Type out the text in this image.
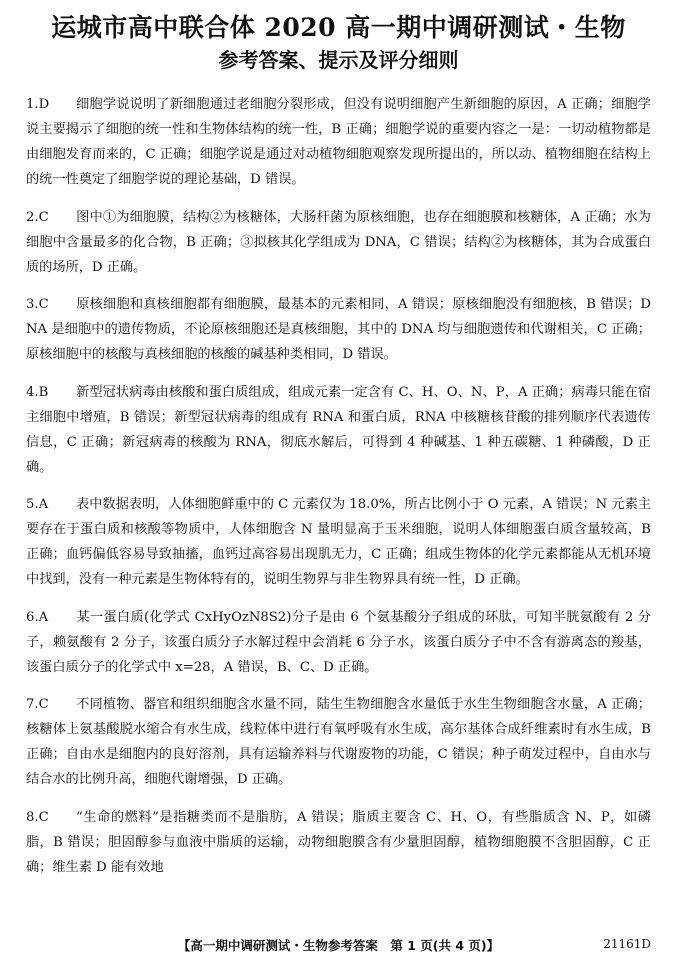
运城市高中联合体 2020 高一期中调研测试・生物
参考答案、提示及评分细则
1.D 细胞学说说明了新细胞通过老细胞分裂形成，但没有说明细胞产生新细胞的原因，A 正确；细胞学说主要揭示了细胞的统一性和生物体结构的统一性，B 正确；细胞学说的重要内容之一是：一切动植物都是由细胞发育而来的，C 正确；细胞学说是通过对动植物细胞观察发现所提出的，所以动、植物细胞在结构上的统一性奠定了细胞学说的理论基础，D 错误。
2.C 图中①为细胞膜，结构②为核糖体，大肠杆菌为原核细胞，也存在细胞膜和核糖体，A 正确；水为细胞中含量最多的化合物，B 正确；③拟核其化学组成为 DNA，C 错误；结构②为核糖体，其为合成蛋白质的场所，D 正确。
3.C 原核细胞和真核细胞都有细胞膜，最基本的元素相同，A 错误；原核细胞没有细胞核，B 错误；DNA 是细胞中的遗传物质，不论原核细胞还是真核细胞，其中的 DNA 均与细胞遗传和代谢相关，C 正确；原核细胞中的核酸与真核细胞的核酸的碱基种类相同，D 错误。
4.B 新型冠状病毒由核酸和蛋白质组成，组成元素一定含有 C、H、O、N、P，A 正确；病毒只能在宿主细胞中增殖，B 错误；新型冠状病毒的组成有 RNA 和蛋白质，RNA 中核糖核苷酸的排列顺序代表遗传信息，C 正确；新冠病毒的核酸为 RNA，彻底水解后，可得到 4 种碱基、1 种五碳糖、1 种磷酸，D 正确。
5.A 表中数据表明，人体细胞鲜重中的 C 元素仅为 18.0%，所占比例小于 O 元素，A 错误；N 元素主要存在于蛋白质和核酸等物质中，人体细胞含 N 量明显高于玉米细胞，说明人体细胞蛋白质含量较高，B 正确；血钙偏低容易导致抽搐，血钙过高容易出现肌无力，C 正确；组成生物体的化学元素都能从无机环境中找到，没有一种元素是生物体特有的，说明生物界与非生物界具有统一性，D 正确。
6.A 某一蛋白质(化学式 CxHyOzN8S2)分子是由 6 个氨基酸分子组成的环肽，可知半胱氨酸有 2 分子，赖氨酸有 2 分子，该蛋白质分子水解过程中会消耗 6 分子水，该蛋白质分子中不含有游离态的羧基，该蛋白质分子的化学式中 x=28，A 错误，B、C、D 正确。
7.C 不同植物、器官和组织细胞含水量不同，陆生生物细胞含水量低于水生生物细胞含水量，A 正确；核糖体上氨基酸脱水缩合有水生成，线粒体中进行有氧呼吸有水生成，高尔基体合成纤维素时有水生成，B 正确；自由水是细胞内的良好溶剂，具有运输养料与代谢废物的功能，C 错误；种子萌发过程中，自由水与结合水的比例升高，细胞代谢增强，D 正确。
8.C “生命的燃料”是指糖类而不是脂肪，A 错误；脂质主要含 C、H、O，有些脂质含 N、P，如磷脂，B 错误；胆固醇参与血液中脂质的运输，动物细胞膜含有少量胆固醇，植物细胞膜不含胆固醇，C 正确；维生素 D 能有效地
【高一期中调研测试・生物参考答案　第 1 页(共 4 页)】	21161D
